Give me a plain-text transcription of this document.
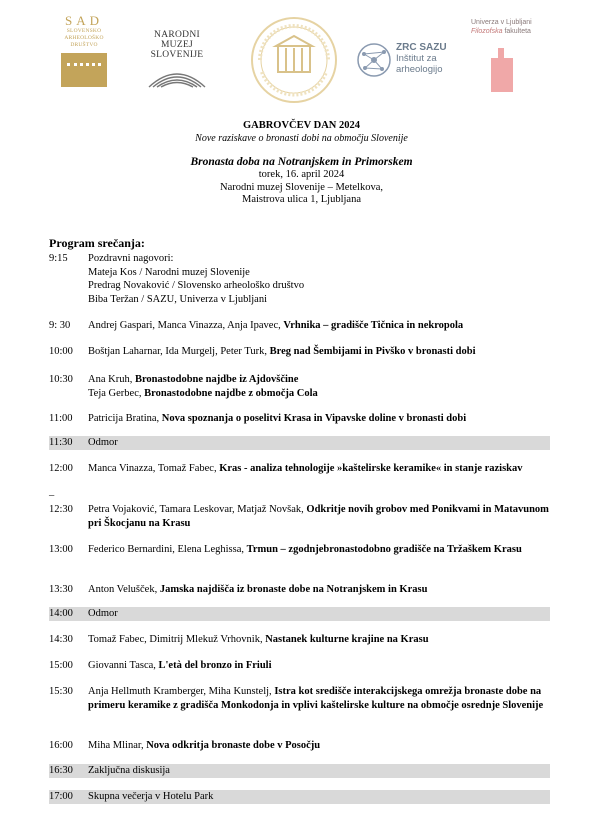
SAD
SLOVENSKO
ARHEOLOŠKO
DRUŠTVO
NARODNI
MUZEJ
SLOVENIJE
ZRC SAZU
Inštitut za
arheologijo
Univerza v Ljubljani
Filozofska fakulteta
GABROVČEV DAN 2024
Nove raziskave o bronasti dobi na območju Slovenije
Bronasta doba na Notranjskem in Primorskem
torek, 16. april 2024
Narodni muzej Slovenije – Metelkova,
Maistrova ulica 1, Ljubljana
Program srečanja:
9:15	Pozdravni nagovori:
Mateja Kos / Narodni muzej Slovenije
Predrag Novaković / Slovensko arheološko društvo
Biba Teržan / SAZU, Univerza v Ljubljani
9: 30	Andrej Gaspari, Manca Vinazza, Anja Ipavec, Vrhnika – gradišče Tičnica in nekropola
10:00	Boštjan Laharnar, Ida Murgelj, Peter Turk, Breg nad Šembijami in Pivško v bronasti dobi
10:30	Ana Kruh, Bronastodobne najdbe iz Ajdovščine
Teja Gerbec, Bronastodobne najdbe z območja Cola
11:00	Patricija Bratina, Nova spoznanja o poselitvi Krasa in Vipavske doline v bronasti dobi
11:30	Odmor
12:00	Manca Vinazza, Tomaž Fabec, Kras - analiza tehnologije »kaštelirske keramike« in stanje raziskav
–
12:30	Petra Vojaković, Tamara Leskovar, Matjaž Novšak, Odkritje novih grobov med Ponikvami in Matavunom pri Škocjanu na Krasu
13:00	Federico Bernardini, Elena Leghissa, Trmun – zgodnjebronastodobno gradišče na Tržaškem Krasu
13:30	Anton Velušček, Jamska najdišča iz bronaste dobe na Notranjskem in Krasu
14:00	Odmor
14:30	Tomaž Fabec, Dimitrij Mlekuž Vrhovnik, Nastanek kulturne krajine na Krasu
15:00	Giovanni Tasca, L'età del bronzo in Friuli
15:30	Anja Hellmuth Kramberger, Miha Kunstelj, Istra kot središče interakcijskega omrežja bronaste dobe na primeru keramike z gradišča Monkodonja in vplivi kaštelirske kulture na območje osrednje Slovenije
16:00	Miha Mlinar, Nova odkritja bronaste dobe v Posočju
16:30	Zaključna diskusija
17:00	Skupna večerja v Hotelu Park
